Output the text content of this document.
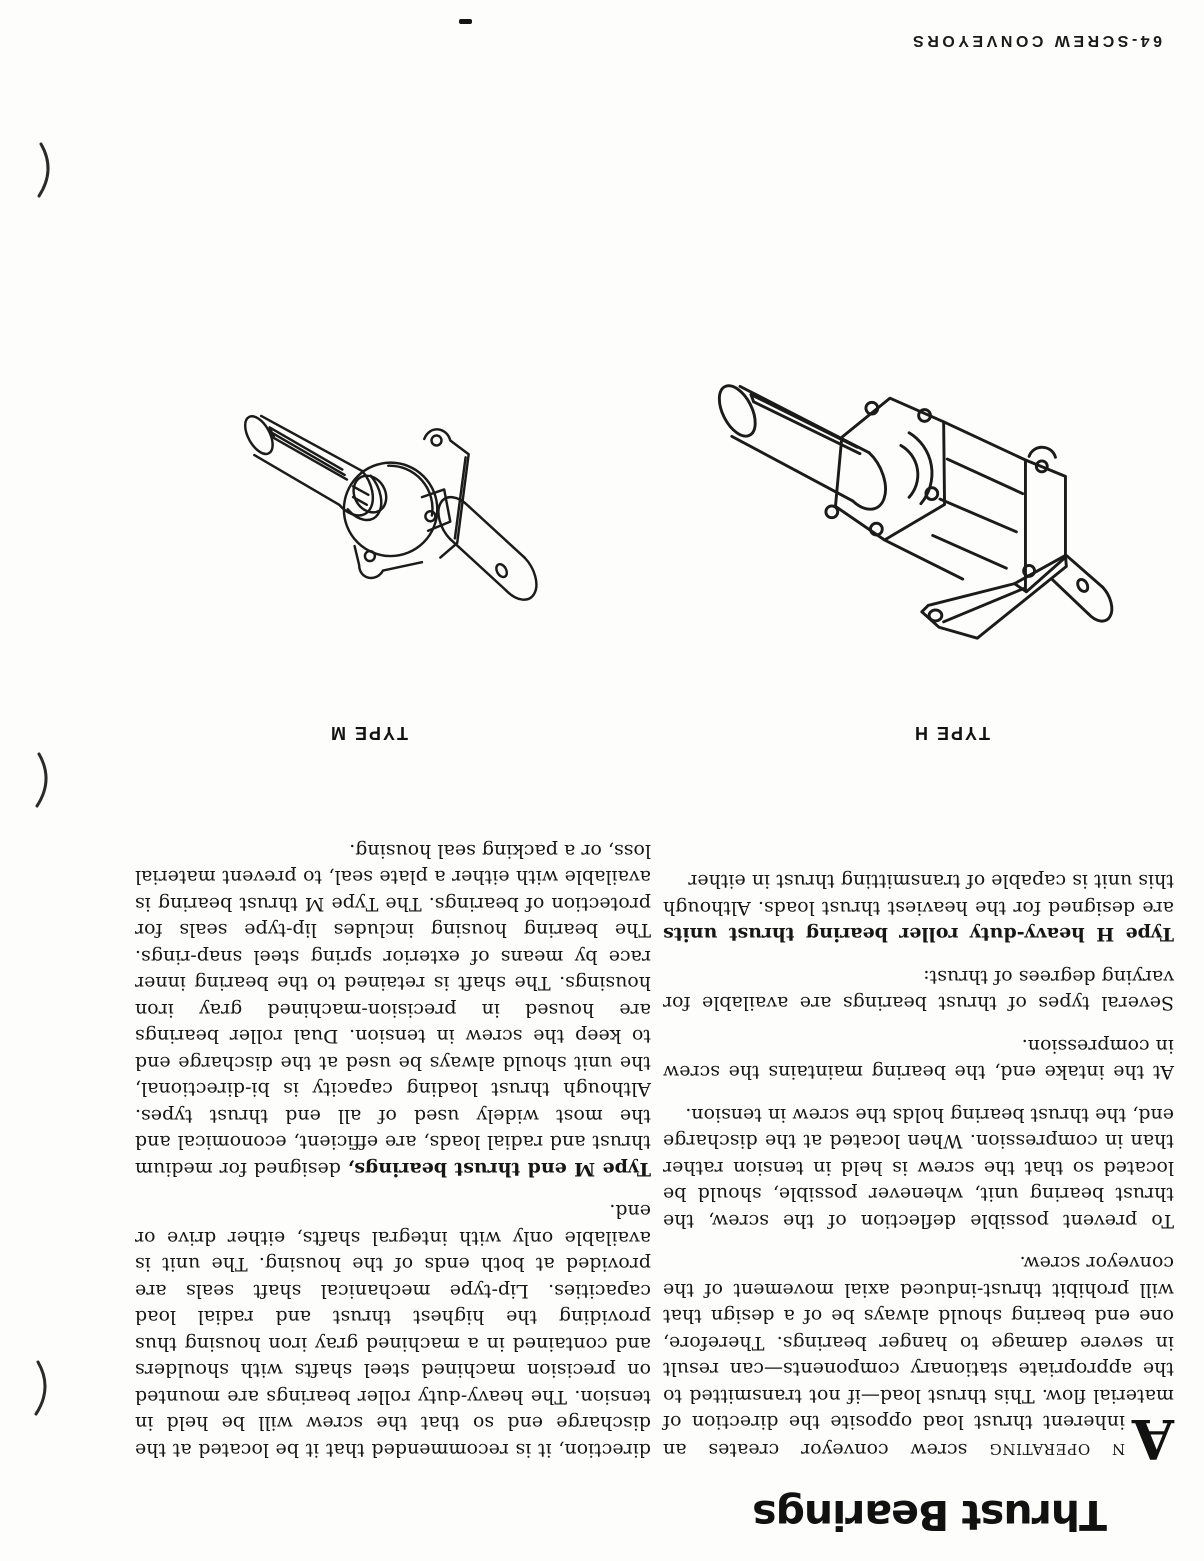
Thrust Bearings

A
N OPERATING screw conveyor creates an inherent thrust load opposite the direction of material flow. This thrust load—if not transmitted to the appropriate stationary components—can result in severe damage to hanger bearings. Therefore, one end bearing should always be of a design that will prohibit thrust-induced axial movement of the conveyor screw.

To prevent possible deflection of the screw, the thrust bearing unit, whenever possible, should be located so that the screw is held in tension rather than in compression. When located at the discharge end, the thrust bearing holds the screw in tension.

At the intake end, the bearing maintains the screw in compression.

Several types of thrust bearings are available for varying degrees of thrust:

Type H heavy-duty roller bearing thrust units are designed for the heaviest thrust loads. Although this unit is capable of transmitting thrust in either

direction, it is recommended that it be located at the discharge end so that the screw will be held in tension. The heavy-duty roller bearings are mounted on precision machined steel shafts with shoulders and contained in a machined gray iron housing thus providing the highest thrust and radial load capacities. Lip-type mechanical shaft seals are provided at both ends of the housing. The unit is available only with integral shafts, either drive or end.

Type M end thrust bearings, designed for medium thrust and radial loads, are efficient, economical and the most widely used of all end thrust types. Although thrust loading capacity is bi-directional, the unit should always be used at the discharge end to keep the screw in tension. Dual roller bearings are housed in precision-machined gray iron housings. The shaft is retained to the bearing inner race by means of exterior spring steel snap-rings. The bearing housing includes lip-type seals for protection of bearings. The Type M thrust bearing is available with either a plate seal, to prevent material loss, or a packing seal housing.

TYPE H
TYPE M
64-SCREW CONVEYORS
